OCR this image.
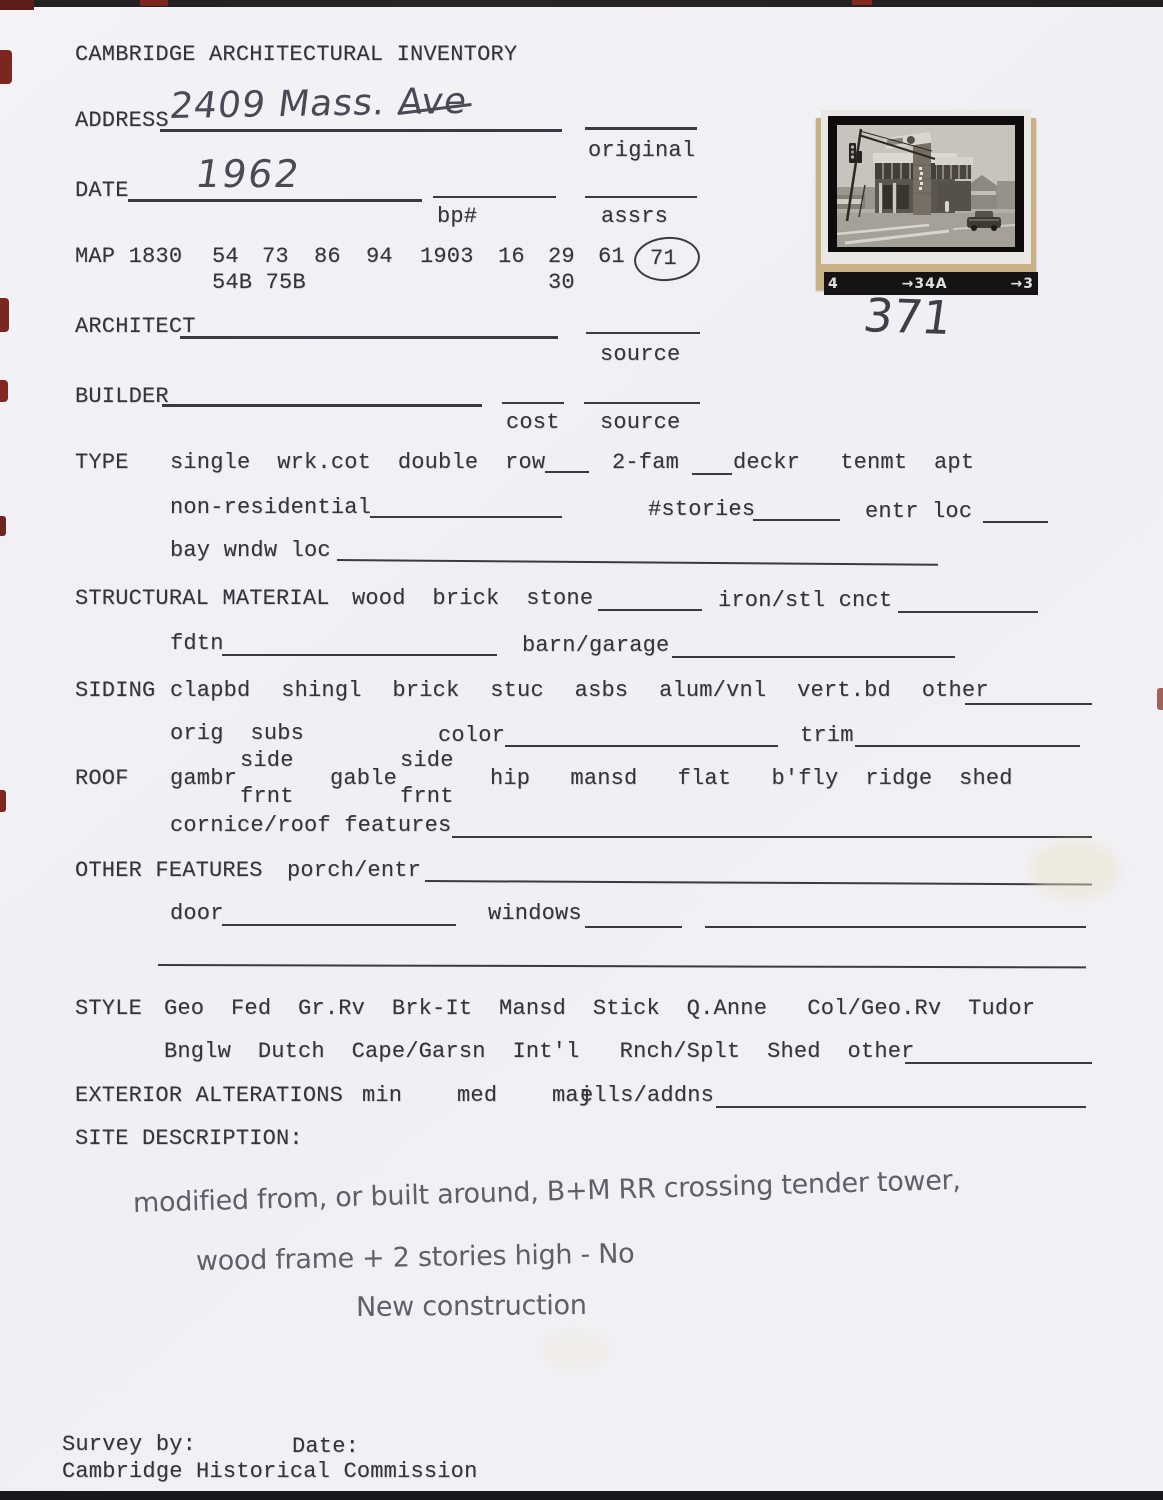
CAMBRIDGE ARCHITECTURAL INVENTORY
ADDRESS
2409 Mass. Ave
original
DATE 1962
bp#	assrs
MAP 1830 54 73 86 94 1903 16 29 61 71
54B 75B	30
ARCHITECT
source
BUILDER
cost source
TYPE single  wrk.cot  double  row	2-fam deckr   tenmt  apt
non-residential	#stories	entr loc
bay wndw loc
STRUCTURAL MATERIAL wood  brick  stone	iron/stl cnct
fdtn	barn/garage
SIDING clapbd  shingl  brick  stuc  asbs  alum/vnl  vert.bd  other
orig  subs	color	trim
ROOF gambr
side
frnt
gable
side
frnt
hip   mansd   flat   b'fly  ridge  shed
cornice/roof features
OTHER FEATURES porch/entr
door	windows
STYLE Geo  Fed  Gr.Rv  Brk-It  Mansd  Stick  Q.Anne   Col/Geo.Rv  Tudor
Bnglw  Dutch  Cape/Garsn  Int'l   Rnch/Splt  Shed  other
EXTERIOR ALTERATIONS min  med  maj
ells/addns
SITE DESCRIPTION:
modified from, or built around, B+M RR crossing tender tower,
wood frame + 2 stories high - No
New construction
Survey by:	Date:
Cambridge Historical Commission
4	→34A	→3
371
